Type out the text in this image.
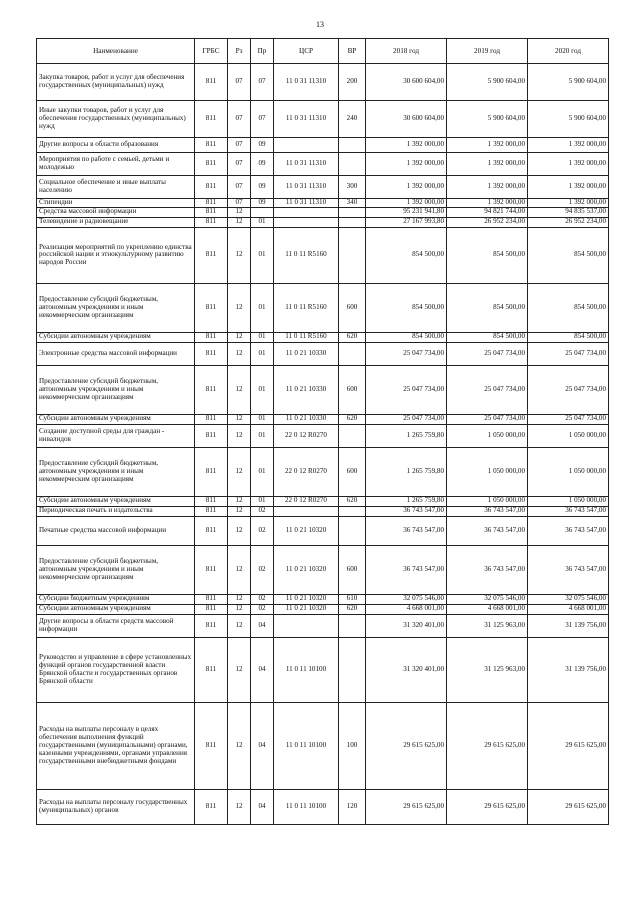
13
Наименование	ГРБС	Рз	Пр	ЦСР	ВР	2018 год	2019 год	2020 год
Закупка товаров, работ и услуг для обеспечения государственных (муниципальных) нужд	811	07	07	11 0 31 11310	200	30 600 604,00	5 900 604,00	5 900 604,00
Иные закупки товаров, работ и услуг для обеспечения государственных (муниципальных) нужд	811	07	07	11 0 31 11310	240	30 600 604,00	5 900 604,00	5 900 604,00
Другие вопросы в области образования	811	07	09			1 392 000,00	1 392 000,00	1 392 000,00
Мероприятия по работе с семьей, детьми и молодежью	811	07	09	11 0 31 11310		1 392 000,00	1 392 000,00	1 392 000,00
Социальное обеспечение и иные выплаты населению	811	07	09	11 0 31 11310	300	1 392 000,00	1 392 000,00	1 392 000,00
Стипендии	811	07	09	11 0 31 11310	340	1 392 000,00	1 392 000,00	1 392 000,00
Средства массовой информации	811	12				95 231 941,80	94 821 744,00	94 835 537,00
Телевидение и радиовещание	811	12	01			27 167 993,80	26 952 234,00	26 952 234,00
Реализация мероприятий по укреплению единства российской нации и этнокультурному развитию народов России	811	12	01	11 0 11 R5160		854 500,00	854 500,00	854 500,00
Предоставление субсидий бюджетным, автономным учреждениям и иным некоммерческим организациям	811	12	01	11 0 11 R5160	600	854 500,00	854 500,00	854 500,00
Субсидии автономным учреждениям	811	12	01	11 0 11 R5160	620	854 500,00	854 500,00	854 500,00
Электронные средства массовой информации	811	12	01	11 0 21 10330		25 047 734,00	25 047 734,00	25 047 734,00
Предоставление субсидий бюджетным, автономным учреждениям и иным некоммерческим организациям	811	12	01	11 0 21 10330	600	25 047 734,00	25 047 734,00	25 047 734,00
Субсидии автономным учреждениям	811	12	01	11 0 21 10330	620	25 047 734,00	25 047 734,00	25 047 734,00
Создание доступной среды для граждан - инвалидов	811	12	01	22 0 12 R0270		1 265 759,80	1 050 000,00	1 050 000,00
Предоставление субсидий бюджетным, автономным учреждениям и иным некоммерческим организациям	811	12	01	22 0 12 R0270	600	1 265 759,80	1 050 000,00	1 050 000,00
Субсидии автономным учреждениям	811	12	01	22 0 12 R0270	620	1 265 759,80	1 050 000,00	1 050 000,00
Периодическая печать и издательства	811	12	02			36 743 547,00	36 743 547,00	36 743 547,00
Печатные средства массовой информации	811	12	02	11 0 21 10320		36 743 547,00	36 743 547,00	36 743 547,00
Предоставление субсидий бюджетным, автономным учреждениям и иным некоммерческим организациям	811	12	02	11 0 21 10320	600	36 743 547,00	36 743 547,00	36 743 547,00
Субсидии бюджетным учреждениям	811	12	02	11 0 21 10320	610	32 075 546,00	32 075 546,00	32 075 546,00
Субсидии автономным учреждениям	811	12	02	11 0 21 10320	620	4 668 001,00	4 668 001,00	4 668 001,00
Другие вопросы в области средств массовой информации	811	12	04			31 320 401,00	31 125 963,00	31 139 756,00
Руководство и управление в сфере установленных функций органов государственной власти Брянской области и государственных органов Брянской области	811	12	04	11 0 11 10100		31 320 401,00	31 125 963,00	31 139 756,00
Расходы на выплаты персоналу в целях обеспечения выполнения функций государственными (муниципальными) органами, казенными учреждениями, органами управления государственными внебюджетными фондами	811	12	04	11 0 11 10100	100	29 615 625,00	29 615 625,00	29 615 625,00
Расходы на выплаты персоналу государственных (муниципальных) органов	811	12	04	11 0 11 10100	120	29 615 625,00	29 615 625,00	29 615 625,00
